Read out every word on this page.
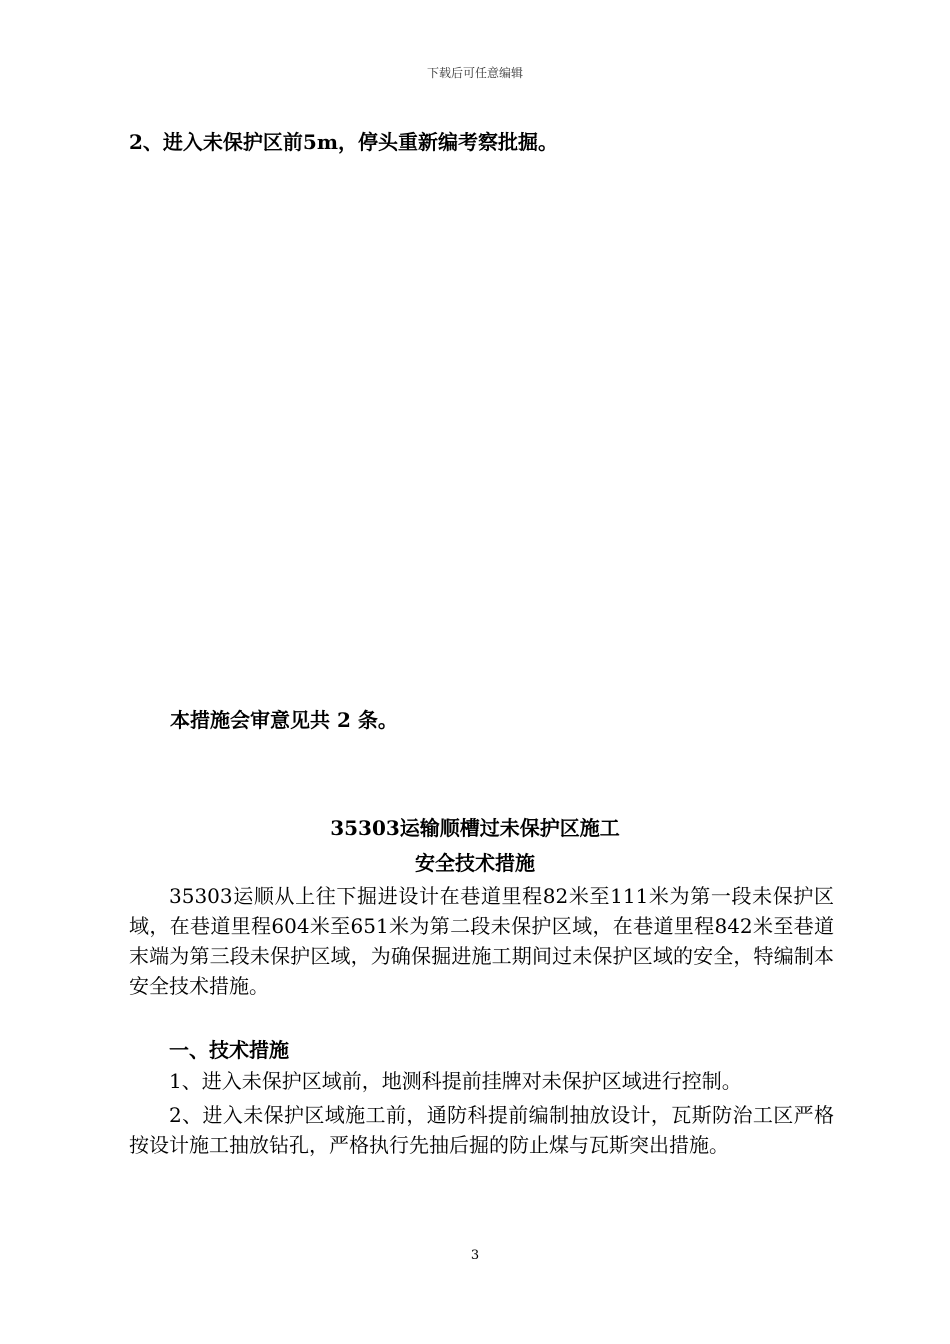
下载后可任意编辑
2、进入未保护区前5m，停头重新编考察批掘。
本措施会审意见共 2 条。
35303运输顺槽过未保护区施工
安全技术措施
35303运顺从上往下掘进设计在巷道里程82米至111米为第一段未保护区域，在巷道里程604米至651米为第二段未保护区域，在巷道里程842米至巷道末端为第三段未保护区域，为确保掘进施工期间过未保护区域的安全，特编制本安全技术措施。
一、技术措施
1、进入未保护区域前，地测科提前挂牌对未保护区域进行控制。
2、进入未保护区域施工前，通防科提前编制抽放设计，瓦斯防治工区严格按设计施工抽放钻孔，严格执行先抽后掘的防止煤与瓦斯突出措施。
3
